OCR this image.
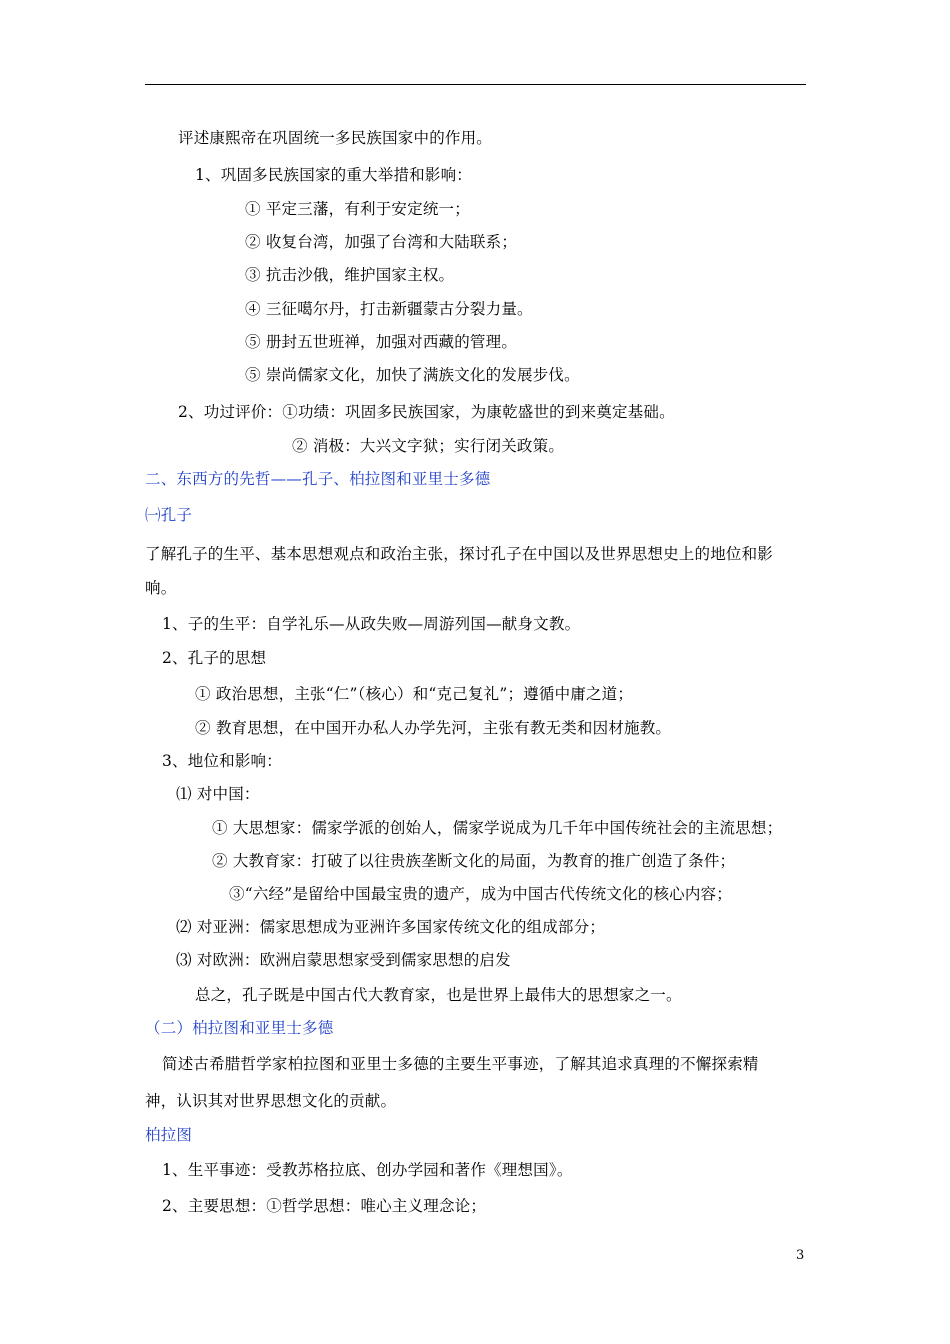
评述康熙帝在巩固统一多民族国家中的作用。
1、巩固多民族国家的重大举措和影响：
① 平定三藩，有利于安定统一；
② 收复台湾，加强了台湾和大陆联系；
③ 抗击沙俄，维护国家主权。
④ 三征噶尔丹，打击新疆蒙古分裂力量。
⑤ 册封五世班禅，加强对西藏的管理。
⑤ 崇尚儒家文化，加快了满族文化的发展步伐。
2、功过评价：①功绩：巩固多民族国家，为康乾盛世的到来奠定基础。
② 消极：大兴文字狱；实行闭关政策。
二、东西方的先哲——孔子、柏拉图和亚里士多德
㈠孔子
了解孔子的生平、基本思想观点和政治主张，探讨孔子在中国以及世界思想史上的地位和影
响。
1、子的生平：自学礼乐—从政失败—周游列国—献身文教。
2、孔子的思想
① 政治思想，主张“仁”（核心）和“克己复礼”；遵循中庸之道；
② 教育思想，在中国开办私人办学先河，主张有教无类和因材施教。
3、地位和影响：
⑴ 对中国：
① 大思想家：儒家学派的创始人，儒家学说成为几千年中国传统社会的主流思想；
② 大教育家：打破了以往贵族垄断文化的局面，为教育的推广创造了条件；
③“六经”是留给中国最宝贵的遗产，成为中国古代传统文化的核心内容；
⑵ 对亚洲：儒家思想成为亚洲许多国家传统文化的组成部分；
⑶ 对欧洲：欧洲启蒙思想家受到儒家思想的启发
总之，孔子既是中国古代大教育家，也是世界上最伟大的思想家之一。
（二）柏拉图和亚里士多德
简述古希腊哲学家柏拉图和亚里士多德的主要生平事迹，了解其追求真理的不懈探索精
神，认识其对世界思想文化的贡献。
柏拉图
1、生平事迹：受教苏格拉底、创办学园和著作《理想国》。
2、主要思想：①哲学思想：唯心主义理念论；
3
